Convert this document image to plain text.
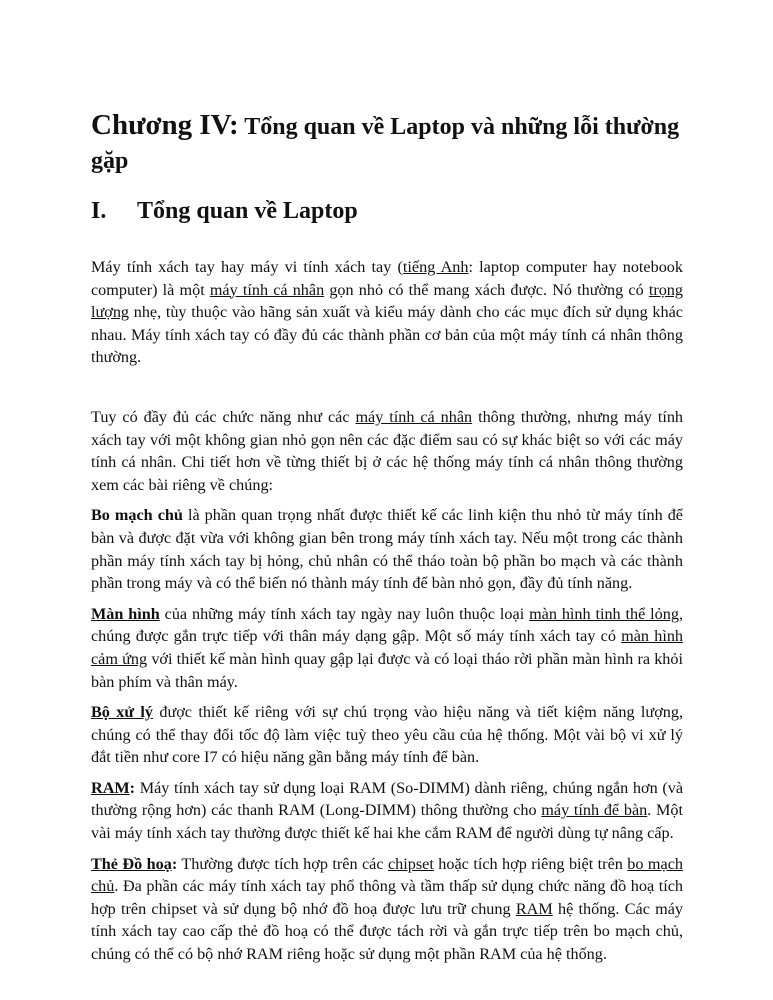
Chương IV: Tổng quan về Laptop và những lỗi thường gặp
I.	Tổng quan về Laptop

Máy tính xách tay hay máy vi tính xách tay (tiếng Anh: laptop computer hay notebook computer) là một máy tính cá nhân gọn nhỏ có thể mang xách được. Nó thường có trọng lượng nhẹ, tùy thuộc vào hãng sản xuất và kiểu máy dành cho các mục đích sử dụng khác nhau. Máy tính xách tay có đầy đủ các thành phần cơ bản của một máy tính cá nhân thông thường.

Tuy có đầy đủ các chức năng như các máy tính cá nhân thông thường, nhưng máy tính xách tay với một không gian nhỏ gọn nên các đặc điểm sau có sự khác biệt so với các máy tính cá nhân. Chi tiết hơn về từng thiết bị ở các hệ thống máy tính cá nhân thông thường xem các bài riêng về chúng:

Bo mạch chủ là phần quan trọng nhất được thiết kế các linh kiện thu nhỏ từ máy tính để bàn và được đặt vừa với không gian bên trong máy tính xách tay. Nếu một trong các thành phần máy tính xách tay bị hỏng, chủ nhân có thể tháo toàn bộ phần bo mạch và các thành phần trong máy và có thể biến nó thành máy tính để bàn nhỏ gọn, đầy đủ tính năng.

Màn hình của những máy tính xách tay ngày nay luôn thuộc loại màn hình tinh thể lỏng, chúng được gắn trực tiếp với thân máy dạng gập. Một số máy tính xách tay có màn hình cảm ứng với thiết kế màn hình quay gập lại được và có loại tháo rời phần màn hình ra khỏi bàn phím và thân máy.

Bộ xử lý được thiết kế riêng với sự chú trọng vào hiệu năng và tiết kiệm năng lượng, chúng có thể thay đổi tốc độ làm việc tuỳ theo yêu cầu của hệ thống. Một vài bộ vi xử lý đắt tiền như core I7 có hiệu năng gần bằng máy tính để bàn.

RAM: Máy tính xách tay sử dụng loại RAM (So-DIMM) dành riêng, chúng ngắn hơn (và thường rộng hơn) các thanh RAM (Long-DIMM) thông thường cho máy tính để bàn. Một vài máy tính xách tay thường được thiết kế hai khe cắm RAM để người dùng tự nâng cấp.

Thẻ Đồ hoạ: Thường được tích hợp trên các chipset hoặc tích hợp riêng biệt trên bo mạch chủ. Đa phần các máy tính xách tay phổ thông và tầm thấp sử dụng chức năng đồ hoạ tích hợp trên chipset và sử dụng bộ nhớ đồ hoạ được lưu trữ chung RAM hệ thống. Các máy tính xách tay cao cấp thẻ đồ hoạ có thể được tách rời và gắn trực tiếp trên bo mạch chủ, chúng có thể có bộ nhớ RAM riêng hoặc sử dụng một phần RAM của hệ thống.
